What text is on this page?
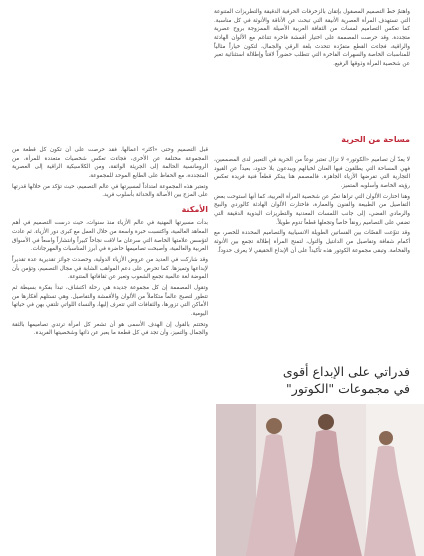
واهتمّ خطّ التصميم المصقول بإتقان بالزخرفات الحرفية الدقيقة والتطريزات المتنوعة التي تستهدف المرأة العصرية الأنيقة التي تبحث عن الأناقة والأنوثة في كل مناسبة. كما تعكس التصاميم لمسات من الثقافة العربية الأصيلة الممزوجة بروح عصرية متجددة. وقد حرصت المصممة على اختيار أقمشة فاخرة تتناغم مع الألوان الهادئة والراقية، فجاءت القطع متفرّدة تتحدث بلغة الرقي والجمال، لتكون خياراً مثالياً للمناسبات الخاصة والسهرات الفاخرة التي تتطلب حضوراً لافتاً وإطلالة استثنائية تعبر عن شخصية المرأة وذوقها الرفيع.

مساحة من الحرية

لا يعدّ أن تصاميم «الكوتور» لا تزال تعتبر نوعاً من الحرية في التعبير لدى المصممين، فهي المساحة التي يطلقون فيها العنان لخيالهم ويبدعون بلا حدود، بعيداً عن القيود التجارية التي تفرضها الأزياء الجاهزة. فالمصمم هنا يبتكر قطعاً فنية فريدة تعكس رؤيته الخاصة وأسلوبه المتميز.

وهنا اختارت الألوان التي تراها تعبّر عن شخصية المرأة العربية، كما أنها استوحت بعض التفاصيل من الطبيعة والفنون والعمارة، فاختارت الألوان الهادئة كالوردي والبيج والرمادي الفضي، إلى جانب اللمسات المعدنية والتطريزات اليدوية الدقيقة التي تضفي على التصاميم رونقاً خاصاً وتجعلها قطعاً تدوم طويلاً.

وقد تنوّعت القصّات بين الفساتين الطويلة الانسيابية والتصاميم المحددة للخصر، مع أكمام شفافة وتفاصيل من الدانتيل والتول، لتمنح المرأة إطلالة تجمع بين الأنوثة والفخامة. وتبقى مجموعة الكوتور هذه تأكيداً على أن الإبداع الحقيقي لا يعرف حدوداً.

قبل التصميم وحتى «أكثر» أعمالها. فقد حرصت على أن تكون كل قطعة من المجموعة مختلفة عن الأخرى، فجاءت تعكس شخصيات متعددة للمرأة، من الرومانسية الحالمة إلى الجريئة الواثقة، ومن الكلاسيكية الراقية إلى العصرية المتجددة، مع الحفاظ على الطابع الموحد للمجموعة.

وتعتبر هذه المجموعة امتداداً لمسيرتها في عالم التصميم، حيث تؤكد من خلالها قدرتها على المزج بين الأصالة والحداثة بأسلوب فريد.

الأمكنة

بدأت مسيرتها المهنية في عالم الأزياء منذ سنوات، حيث درست التصميم في أهم المعاهد العالمية، واكتسبت خبرة واسعة من خلال العمل مع كبرى دور الأزياء. ثم عادت لتؤسس علامتها الخاصة التي سرعان ما لاقت نجاحاً كبيراً وانتشاراً واسعاً في الأسواق العربية والعالمية، وأصبحت تصاميمها حاضرة في أبرز المناسبات والمهرجانات.

وقد شاركت في العديد من عروض الأزياء الدولية، وحصدت جوائز تقديرية عدة تقديراً لإبداعها وتميزها. كما تحرص على دعم المواهب الشابة في مجال التصميم، وتؤمن بأن الموضة لغة عالمية تجمع الشعوب وتعبر عن ثقافاتها المتنوعة.

وتقول المصممة إن كل مجموعة جديدة هي رحلة اكتشاف، تبدأ بفكرة بسيطة ثم تتطور لتصبح عالماً متكاملاً من الألوان والأقمشة والتفاصيل. وهي تستلهم أفكارها من الأماكن التي تزورها، والثقافات التي تتعرف إليها، والنساء اللواتي تلتقي بهن في حياتها اليومية.

وتختتم بالقول إن الهدف الأسمى هو أن تشعر كل امرأة ترتدي تصاميمها بالثقة والجمال والتميز، وأن تجد في كل قطعة ما يعبر عن ذاتها وشخصيتها الفريدة.

فدراتي على الإبداع أقوى
في مجموعات "الكوتور"
